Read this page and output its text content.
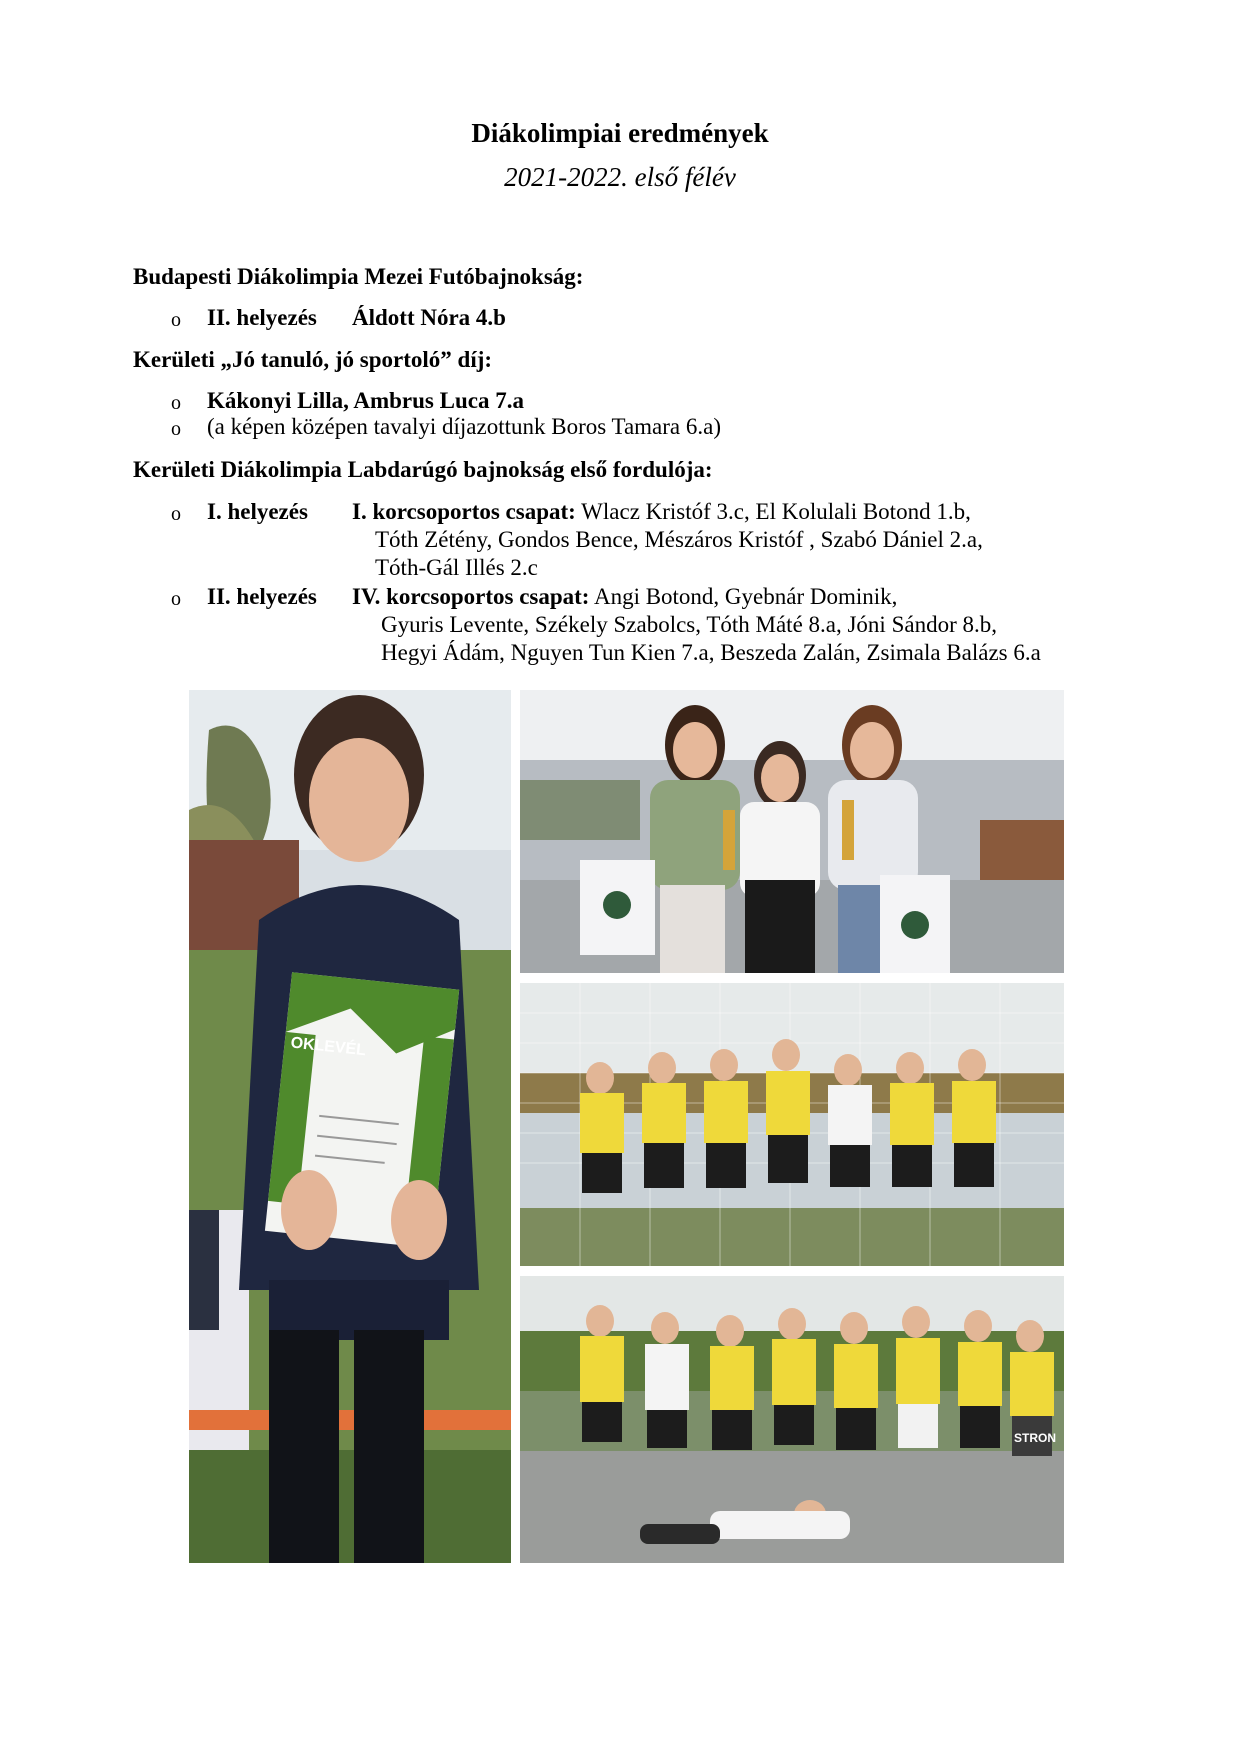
Diákolimpiai eredmények
2021-2022. első félév
Budapesti Diákolimpia Mezei Futóbajnokság:
o II. helyezés Áldott Nóra 4.b
Kerületi „Jó tanuló, jó sportoló” díj:
o Kákonyi Lilla, Ambrus Luca 7.a
o (a képen középen tavalyi díjazottunk Boros Tamara 6.a)
Kerületi Diákolimpia Labdarúgó bajnokság első fordulója:
o I. helyezés I. korcsoportos csapat: Wlacz Kristóf 3.c, El Kolulali Botond 1.b,
Tóth Zétény, Gondos Bence, Mészáros Kristóf , Szabó Dániel 2.a,
Tóth-Gál Illés 2.c
o II. helyezés IV. korcsoportos csapat: Angi Botond, Gyebnár Dominik,
Gyuris Levente, Székely Szabolcs, Tóth Máté 8.a, Jóni Sándor 8.b,
Hegyi Ádám, Nguyen Tun Kien 7.a, Beszeda Zalán, Zsimala Balázs 6.a
OKLEVÉL
STRON
